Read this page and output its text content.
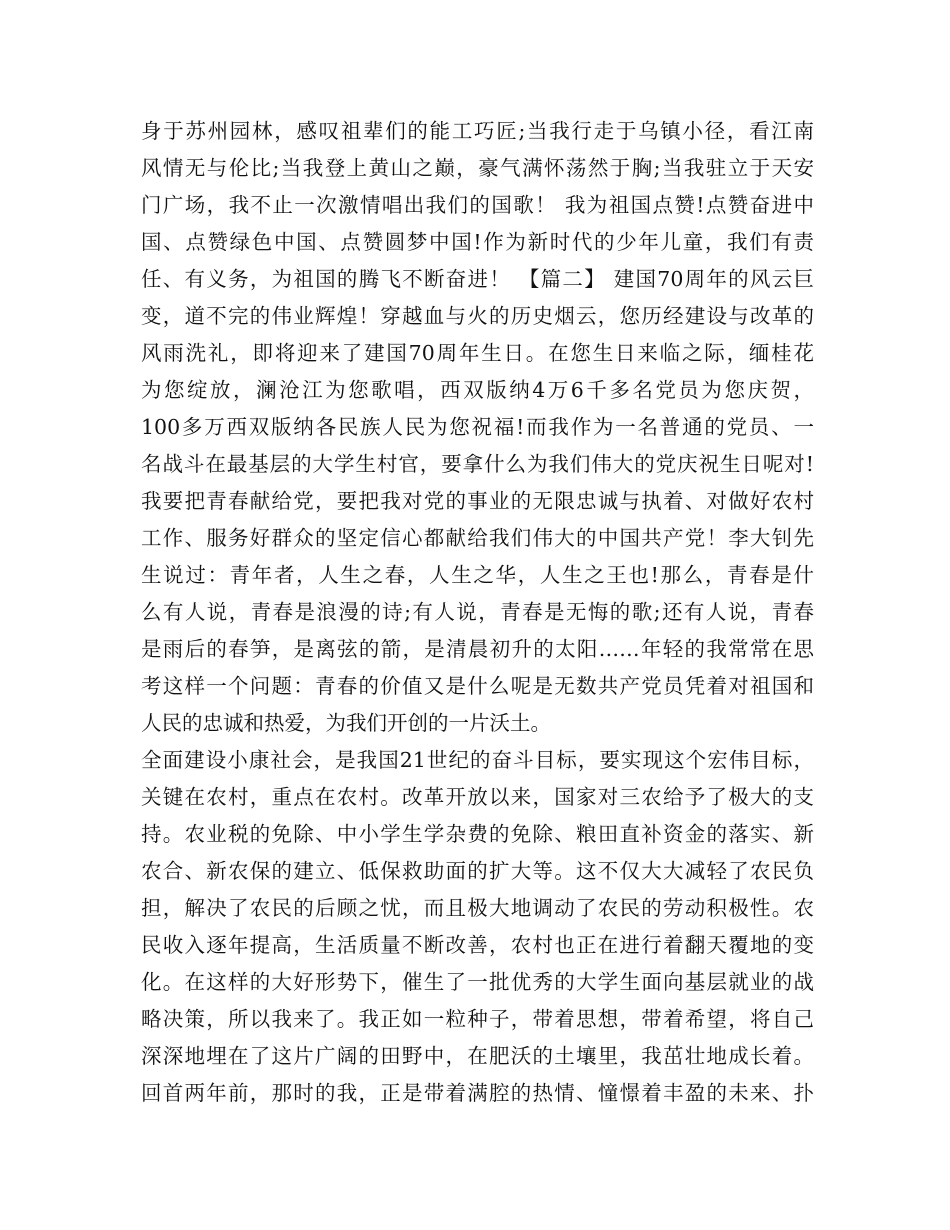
身于苏州园林，感叹祖辈们的能工巧匠;当我行走于乌镇小径，看江南
风情无与伦比;当我登上黄山之巅，豪气满怀荡然于胸;当我驻立于天安
门广场，我不止一次激情唱出我们的国歌！ 我为祖国点赞!点赞奋进中
国、点赞绿色中国、点赞圆梦中国!作为新时代的少年儿童，我们有责
任、有义务，为祖国的腾飞不断奋进！ 【篇二】 建国70周年的风云巨
变，道不完的伟业辉煌！穿越血与火的历史烟云，您历经建设与改革的
风雨洗礼，即将迎来了建国70周年生日。在您生日来临之际，缅桂花
为您绽放，澜沧江为您歌唱，西双版纳4万6千多名党员为您庆贺，
100多万西双版纳各民族人民为您祝福!而我作为一名普通的党员、一
名战斗在最基层的大学生村官，要拿什么为我们伟大的党庆祝生日呢对!
我要把青春献给党，要把我对党的事业的无限忠诚与执着、对做好农村
工作、服务好群众的坚定信心都献给我们伟大的中国共产党！李大钊先
生说过：青年者，人生之春，人生之华，人生之王也!那么，青春是什
么有人说，青春是浪漫的诗;有人说，青春是无悔的歌;还有人说，青春
是雨后的春笋，是离弦的箭，是清晨初升的太阳……年轻的我常常在思
考这样一个问题：青春的价值又是什么呢是无数共产党员凭着对祖国和
人民的忠诚和热爱，为我们开创的一片沃土。
全面建设小康社会，是我国21世纪的奋斗目标，要实现这个宏伟目标，
关键在农村，重点在农村。改革开放以来，国家对三农给予了极大的支
持。农业税的免除、中小学生学杂费的免除、粮田直补资金的落实、新
农合、新农保的建立、低保救助面的扩大等。这不仅大大减轻了农民负
担，解决了农民的后顾之忧，而且极大地调动了农民的劳动积极性。农
民收入逐年提高，生活质量不断改善，农村也正在进行着翻天覆地的变
化。在这样的大好形势下，催生了一批优秀的大学生面向基层就业的战
略决策，所以我来了。我正如一粒种子，带着思想，带着希望，将自己
深深地埋在了这片广阔的田野中，在肥沃的土壤里，我茁壮地成长着。
回首两年前，那时的我，正是带着满腔的热情、憧憬着丰盈的未来、扑
